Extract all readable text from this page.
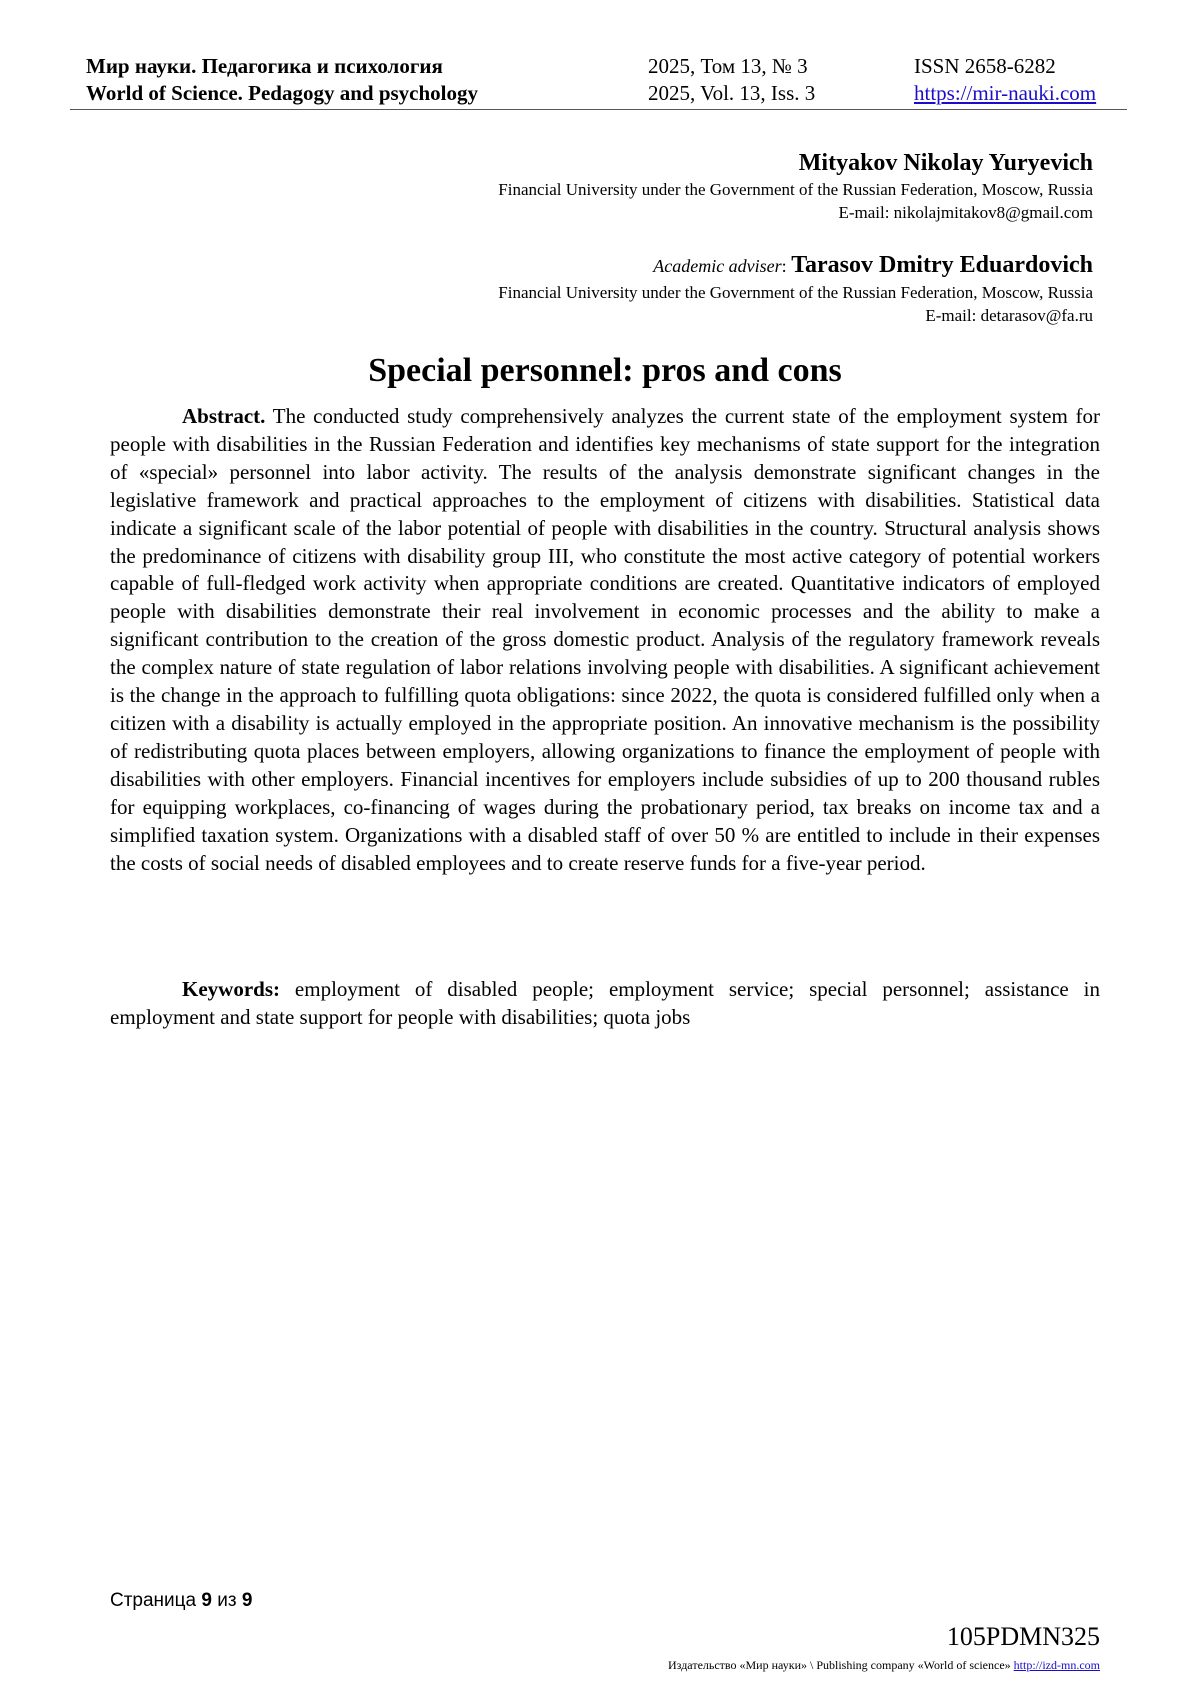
Мир науки. Педагогика и психология
World of Science. Pedagogy and psychology
2025, Том 13, № 3
2025, Vol. 13, Iss. 3
ISSN 2658-6282
https://mir-nauki.com
Mityakov Nikolay Yuryevich
Financial University under the Government of the Russian Federation, Moscow, Russia
E-mail: nikolajmitakov8@gmail.com
Academic adviser: Tarasov Dmitry Eduardovich
Financial University under the Government of the Russian Federation, Moscow, Russia
E-mail: detarasov@fa.ru
Special personnel: pros and cons

Abstract. The conducted study comprehensively analyzes the current state of the employment system for people with disabilities in the Russian Federation and identifies key mechanisms of state support for the integration of «special» personnel into labor activity. The results of the analysis demonstrate significant changes in the legislative framework and practical approaches to the employment of citizens with disabilities. Statistical data indicate a significant scale of the labor potential of people with disabilities in the country. Structural analysis shows the predominance of citizens with disability group III, who constitute the most active category of potential workers capable of full-fledged work activity when appropriate conditions are created. Quantitative indicators of employed people with disabilities demonstrate their real involvement in economic processes and the ability to make a significant contribution to the creation of the gross domestic product. Analysis of the regulatory framework reveals the complex nature of state regulation of labor relations involving people with disabilities. A significant achievement is the change in the approach to fulfilling quota obligations: since 2022, the quota is considered fulfilled only when a citizen with a disability is actually employed in the appropriate position. An innovative mechanism is the possibility of redistributing quota places between employers, allowing organizations to finance the employment of people with disabilities with other employers. Financial incentives for employers include subsidies of up to 200 thousand rubles for equipping workplaces, co-financing of wages during the probationary period, tax breaks on income tax and a simplified taxation system. Organizations with a disabled staff of over 50 % are entitled to include in their expenses the costs of social needs of disabled employees and to create reserve funds for a five-year period.

Keywords: employment of disabled people; employment service; special personnel; assistance in employment and state support for people with disabilities; quota jobs

Страница 9 из 9
105PDMN325
Издательство «Мир науки» \ Publishing company «World of science» http://izd-mn.com
